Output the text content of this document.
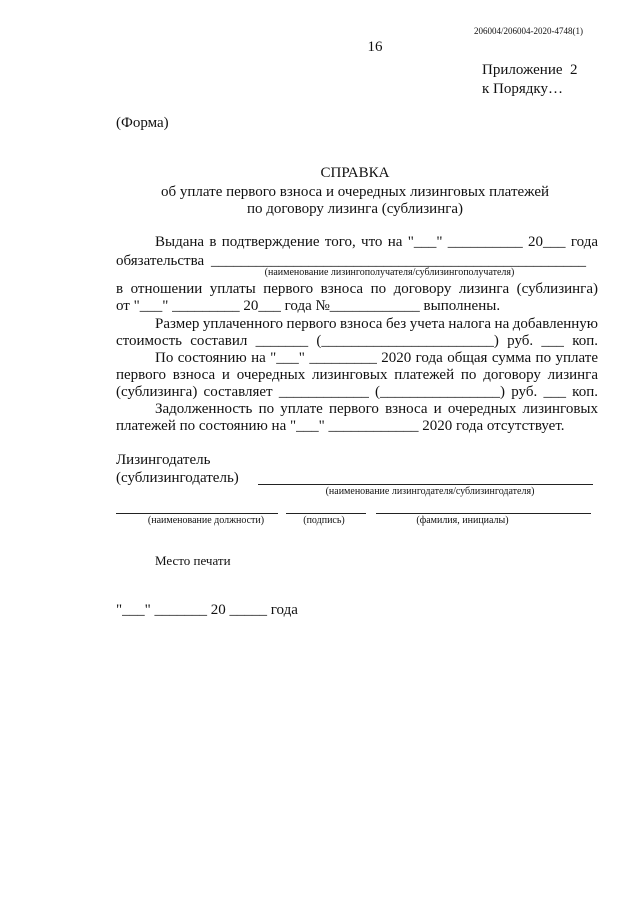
206004/206004-2020-4748(1)
16
Приложение  2
к Порядку…
(Форма)
СПРАВКА
об уплате первого взноса и очередных лизинговых платежей
по договору лизинга (сублизинга)
Выдана в подтверждение того, что на "___" __________ 20___ года
обязательства __________________________________________________
(наименование лизингополучателя/сублизингополучателя)
в отношении уплаты первого взноса по договору лизинга (сублизинга)
от "___" _________ 20___ года №____________ выполнены.
Размер уплаченного первого взноса без учета налога на добавленную
стоимость составил _______ (_______________________) руб. ___ коп.
По состоянию на "___" _________ 2020 года общая сумма по уплате
первого взноса и очередных лизинговых платежей по договору лизинга
(сублизинга) составляет ____________ (________________) руб. ___ коп.
Задолженность по уплате первого взноса и очередных лизинговых
платежей по состоянию на "___" ____________ 2020 года отсутствует.
Лизингодатель
(сублизингодатель)
(наименование лизингодателя/сублизингодателя)
(наименование должности)	(подпись)	(фамилия, инициалы)
Место печати
"___" _______ 20 _____ года
